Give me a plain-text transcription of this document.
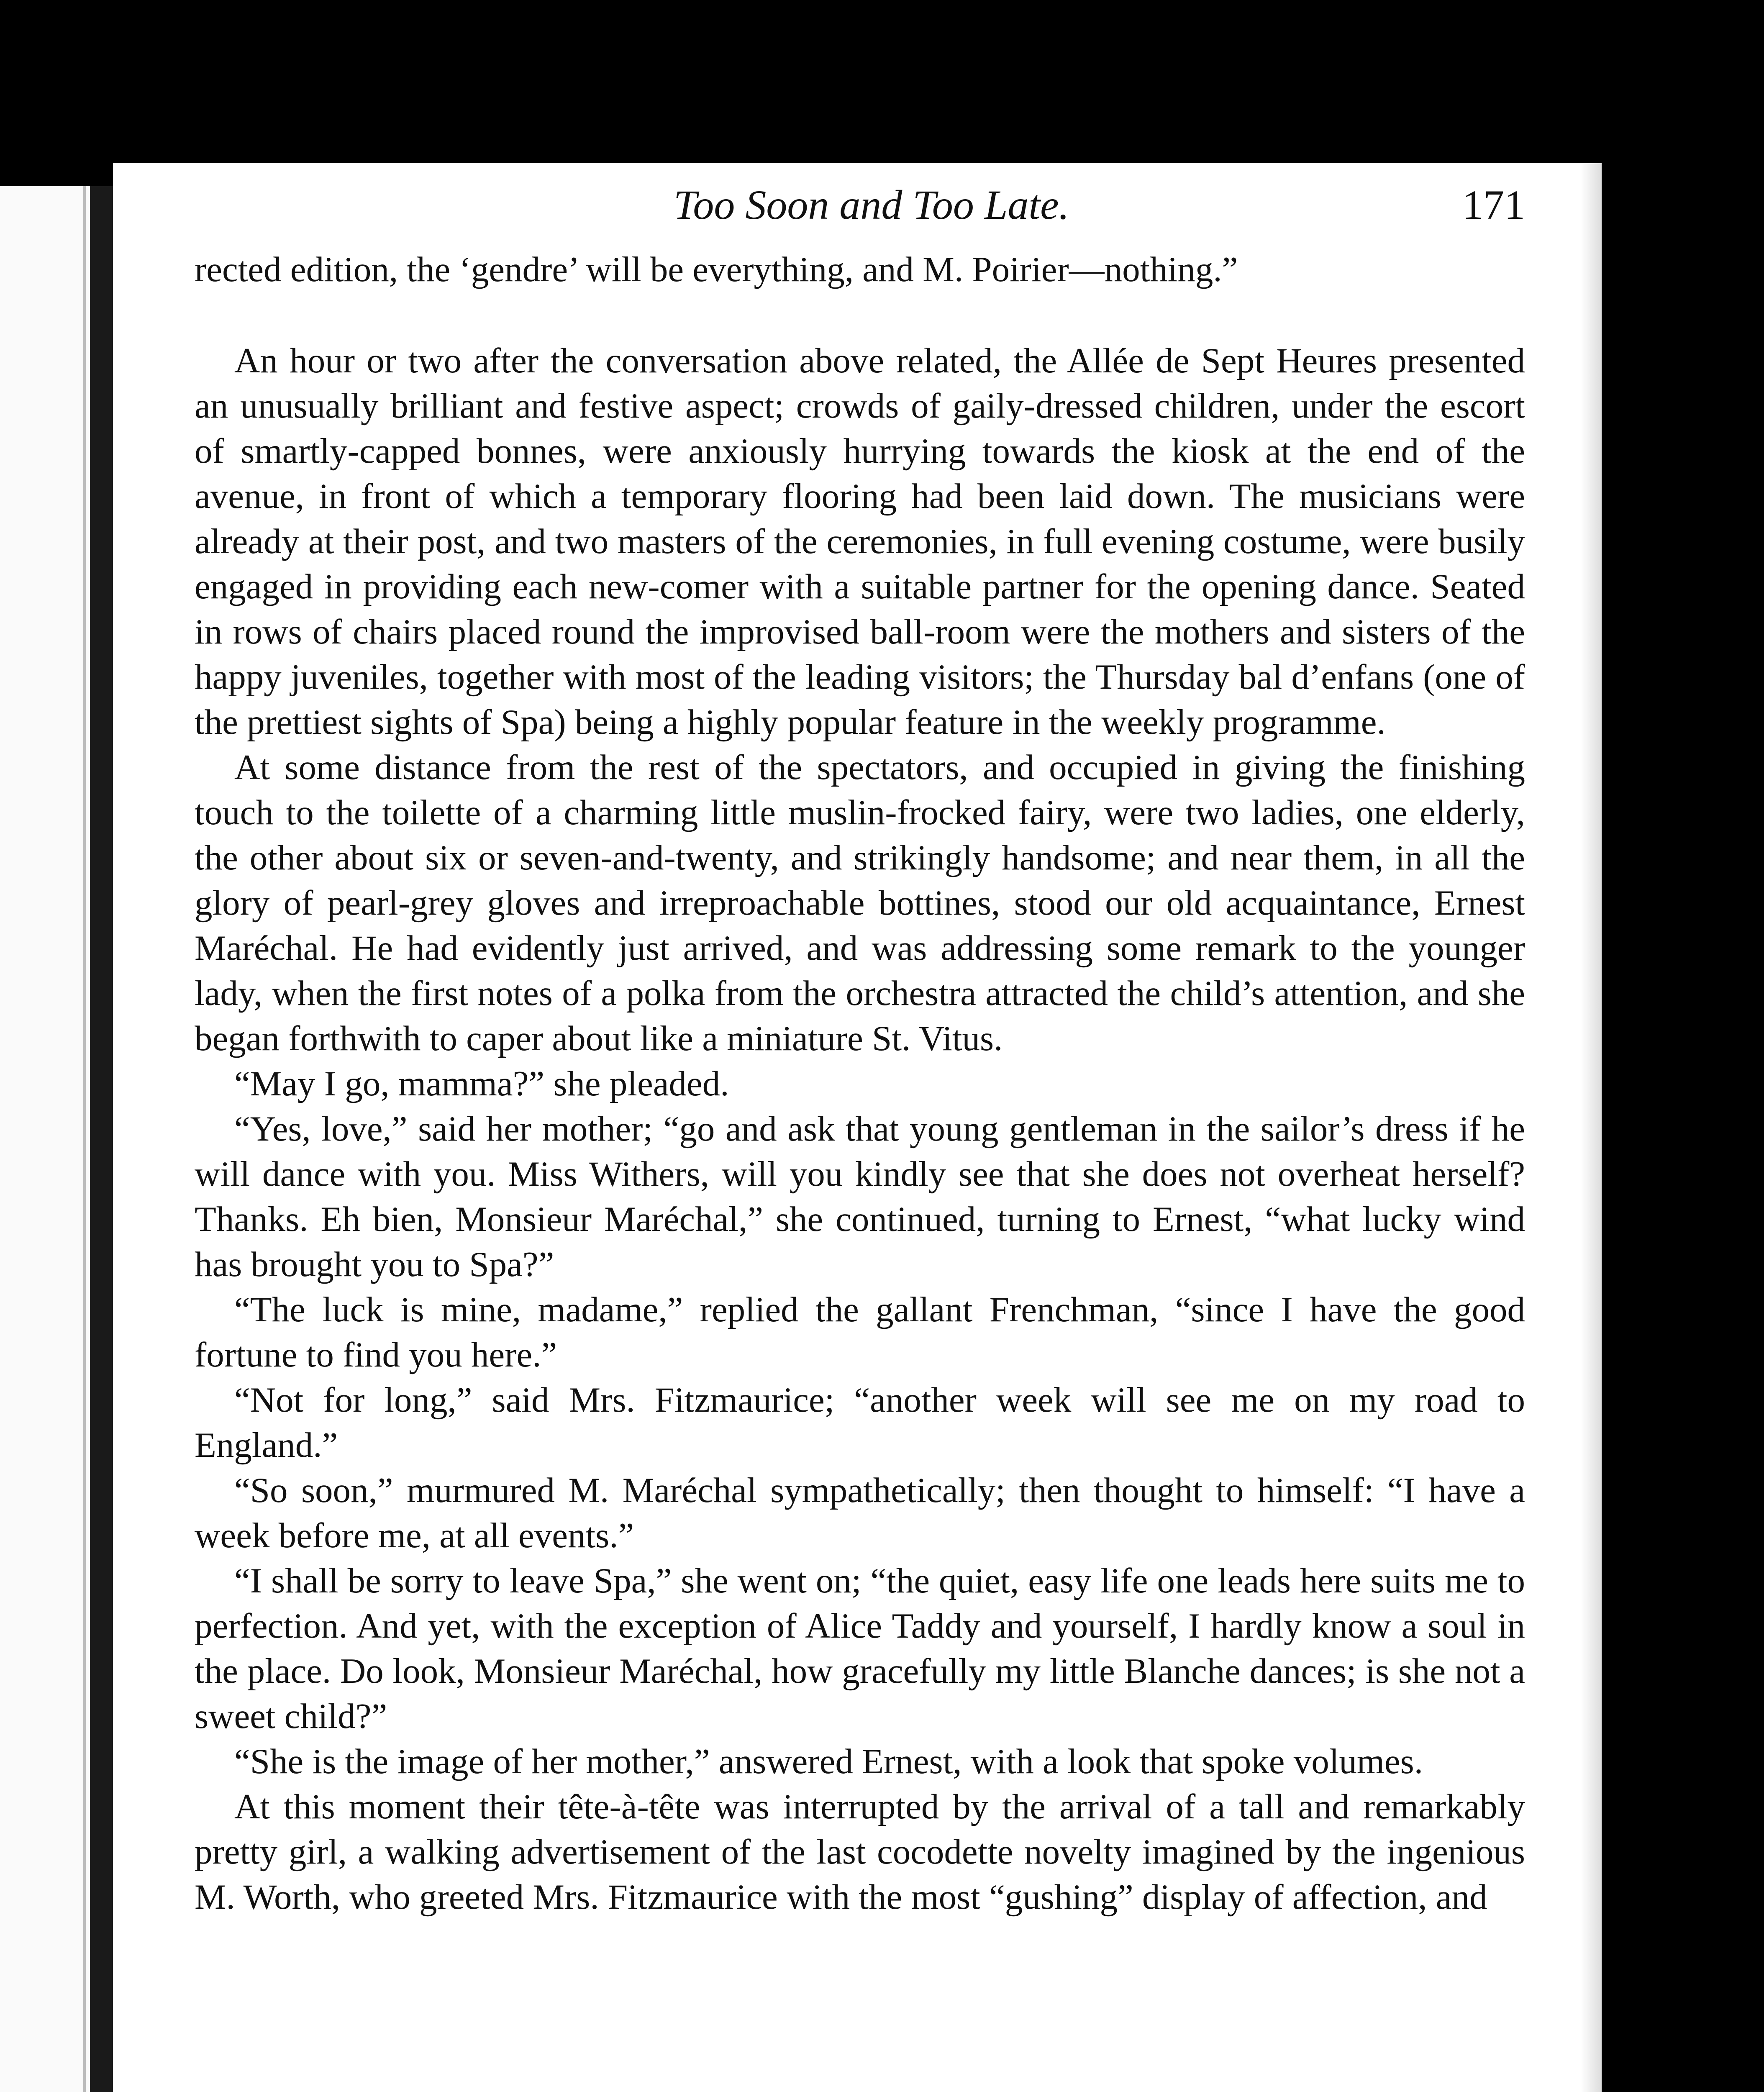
Too Soon and Too Late.	171

rected edition, the ‘gendre’ will be everything, and M. Poirier—nothing.”

An hour or two after the conversation above related, the Allée de Sept Heures presented an unusually brilliant and festive aspect; crowds of gaily-dressed children, under the escort of smartly-capped bonnes, were anxiously hurrying towards the kiosk at the end of the avenue, in front of which a temporary flooring had been laid down. The musicians were already at their post, and two masters of the ceremonies, in full evening costume, were busily engaged in providing each new-comer with a suitable partner for the opening dance. Seated in rows of chairs placed round the improvised ball-room were the mothers and sisters of the happy juveniles, together with most of the leading visitors; the Thursday bal d’enfans (one of the prettiest sights of Spa) being a highly popular feature in the weekly programme.

At some distance from the rest of the spectators, and occupied in giving the finishing touch to the toilette of a charming little muslin-frocked fairy, were two ladies, one elderly, the other about six or seven-and-twenty, and strikingly handsome; and near them, in all the glory of pearl-grey gloves and irreproachable bottines, stood our old acquaintance, Ernest Maréchal. He had evidently just arrived, and was addressing some remark to the younger lady, when the first notes of a polka from the orchestra attracted the child’s attention, and she began forthwith to caper about like a miniature St. Vitus.

“May I go, mamma?” she pleaded.

“Yes, love,” said her mother; “go and ask that young gentleman in the sailor’s dress if he will dance with you. Miss Withers, will you kindly see that she does not overheat herself? Thanks. Eh bien, Monsieur Maréchal,” she continued, turning to Ernest, “what lucky wind has brought you to Spa?”

“The luck is mine, madame,” replied the gallant Frenchman, “since I have the good fortune to find you here.”

“Not for long,” said Mrs. Fitzmaurice; “another week will see me on my road to England.”

“So soon,” murmured M. Maréchal sympathetically; then thought to himself: “I have a week before me, at all events.”

“I shall be sorry to leave Spa,” she went on; “the quiet, easy life one leads here suits me to perfection. And yet, with the exception of Alice Taddy and yourself, I hardly know a soul in the place. Do look, Monsieur Maréchal, how gracefully my little Blanche dances; is she not a sweet child?”

“She is the image of her mother,” answered Ernest, with a look that spoke volumes.

At this moment their tête-à-tête was interrupted by the arrival of a tall and remarkably pretty girl, a walking advertisement of the last cocodette novelty imagined by the ingenious M. Worth, who greeted Mrs. Fitzmaurice with the most “gushing” display of affection, and
